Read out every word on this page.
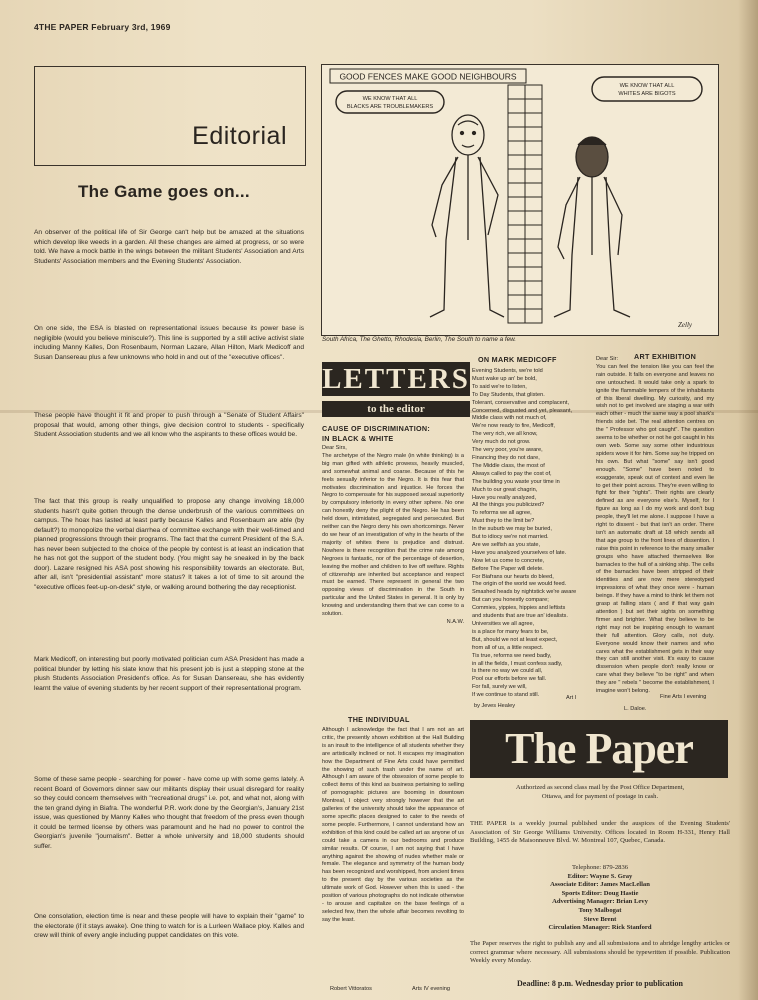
4THE PAPER February 3rd, 1969
Editorial
The Game goes on...
An observer of the political life of Sir George can't help but be amazed at the situations which develop like weeds in a garden. All these changes are aimed at progress, or so were told. We have a mock battle in the wings between the militant Students' Association and Arts Students' Association members and the Evening Students' Association.
On one side, the ESA is blasted on representational issues because its power base is negligible (would you believe miniscule?). This line is supported by a still active activist slate including Manny Kalles, Don Rosenbaum, Norman Lazare, Allan Hilton, Mark Medicoff and Susan Dansereau plus a few unknowns who hold in and out of the "executive offices".
These people have thought it fit and proper to push through a "Senate of Student Affairs" proposal that would, among other things, give decision control to students - specifically Student Association students and we all know who the aspirants to these offices would be.
The fact that this group is really unqualified to propose any change involving 18,000 students hasn't quite gotten through the dense underbrush of the various committees on campus. The hoax has lasted at least partly because Kalles and Rosenbaum are able (by default?) to monopolize the verbal diarrhea of committee exchange with their well-timed and planned progressions through their programs. The fact that the current President of the S.A. has never been subjected to the choice of the people by contest is at least an indication that he has not got the support of the student body. (You might say he sneaked in by the back door). Lazare resigned his ASA post showing his responsibility towards an electorate. But, after all, isn't "presidential assistant" more status? It takes a lot of time to sit around the "executive offices feet-up-on-desk" style, or walking around bothering the day receptionist.
Mark Medicoff, on interesting but poorly motivated politician cum ASA President has made a political blunder by letting his slate know that his present job is just a stepping stone at the plush Students Association President's office. As for Susan Dansereau, she has evidently learnt the value of evening students by her recent support of their representational program.
Some of these same people - searching for power - have come up with some gems lately. A recent Board of Governors dinner saw our militants display their usual disregard for reality so they could concern themselves with "recreational drugs" i.e. pot, and what not, along with the ten grand dying in Biafra. The wonderful P.R. work done by the Georgian's, January 21st issue, was questioned by Manny Kalles who thought that freedom of the press even though it could be termed license by others was paramount and he had no power to control the Georgian's juvenile "journalism". Better a whole university and 18,000 students should suffer.
One consolation, election time is near and these people will have to explain their "game" to the electorate (if it stays awake). One thing to watch for is a Lurleen Wallace ploy. Kalles and crew will think of every angle including puppet candidates on this vote.
GOOD FENCES MAKE GOOD NEIGHBOURS
WE KNOW THAT ALL
BLACKS ARE TROUBLEMAKERS
WE KNOW THAT ALL
WHITES ARE BIGOTS
Zelly
South Africa, The Ghetto, Rhodesia, Berlin, The South to name a few.
LETTERS
to the editor
CAUSE OF DISCRIMINATION:
IN BLACK & WHITE

Dear Sirs,

The archetype of the Negro male (in white thinking) is a big man gifted with athletic prowess, heavily muscled, and somewhat animal and coarse. Because of this he feels sexually inferior to the Negro. It is this fear that motivates discrimination and injustice. He forces the Negro to compensate for his supposed sexual superiority by compulsory inferiority in every other sphere. No one can honestly deny the plight of the Negro. He has been held down, intimidated, segregated and persecuted. But neither can the Negro deny his own shortcomings. Never do we hear of an investigation of why in the hearts of the majority of whites there is prejudice and distrust. Nowhere is there recognition that the crime rate among Negroes is fantastic, nor of the percentage of desertion, leaving the mother and children to live off welfare. Rights of citizenship are inherited but acceptance and respect must be earned. There represent in general the two opposing views of discrimination in the South in particular and the United States in general. It is only by knowing and understanding them that we can come to a solution.

N.A.W.

THE INDIVIDUAL

Although I acknowledge the fact that I am not an art critic, the presently shown exhibition at the Hall Building is an insult to the intelligence of all students whether they are artistically inclined or not. It escapes my imagination how the Department of Fine Arts could have permitted the showing of such trash under the name of art. Although I am aware of the obsession of some people to collect items of this kind as business pertaining to selling of pornographic pictures are booming in downtown Montreal, I object very strongly however that the art galleries of the university should take the appearance of some specific places designed to cater to the needs of some people. Furthermore, I cannot understand how an exhibition of this kind could be called art as anyone of us could take a camera in our bedrooms and produce similar results. Of course, I am not saying that I have anything against the showing of nudes whether male or female. The elegance and symmetry of the human body has been recognized and worshipped, from ancient times to the present day by the various societies as the ultimate work of God. However when this is used - the position of various photographs do not indicate otherwise - to arouse and capitalize on the base feelings of a selected few, then the whole affair becomes revolting to say the least.

Robert Vittoratos	Arts IV evening
ON MARK MEDICOFF
Evening Students, we're told
Must wake up an' be bold,
To said we're to listen,
To Day Students, that glisten.
Tolerant, conservative and complacent,
Concerned, disgusted and yet, pleasant,
Middle class with not much of,
We're now ready to fire, Medicoff,
The very rich, we all know,
Very much do not grow.
The very poor, you're aware,
Financing they do not dare,
The Middle class, the most of
Always called to pay the cost of,
The building you waste your time in
Much to our great chagrin,
Have you really analyzed,
All the things you publicized?
To reforms we all agree,
Must they to the limit be?
In the suburb we may be buried,
But to idiocy we're not married.
Are we selfish as you state,
Have you analyzed yourselves of late.
Now let us come to concrete,
Before The Paper will delete.
For Biafrans our hearts do bleed,
The origin of the world we would feed.
Smashed heads by nightstick we're aware
But can you honestly compare;
Commies, yippies, hippies and leftists
and students that are true an' idealists.
Universities we all agree,
is a place for many fears to be,
But, should we not at least expect,
from all of us, a little respect.
Tis true, reforms we need badly,
in all the fields, I must confess sadly,
Is there no way we could all,
Pool our efforts before we fall.
For fall, surely we will,
If we continue to stand still.
by Jeves Healey
Art I
ART EXHIBITION

Dear Sir:

You can feel the tension like you can feel the rain outside. It falls on everyone and leaves no one untouched. It would take only a spark to ignite the flammable tempers of the inhabitants of this liberal dwelling. My curiosity, and my wish not to get involved are staging a war with each other - much the same way a pool shark's friends side bet. The real attention centres on the " Professor who got caught". The question seems to be whether or not he got caught in his own web. Some say some other industrious spiders wove it for him. Some say he tripped on his own. But what "some" say isn't good enough. "Some" have been noted to exaggerate, speak out of context and even lie to get their point across. They're even willing to fight for their "rights". Their rights are clearly defined as are everyone else's. Myself, for I figure as long as I do my work and don't bug people, they'll let me alone. I suppose I have a right to dissent - but that isn't an order. There isn't an automatic draft at 18 which sends all that age group to the front lines of dissention. I raise this point in reference to the many smaller groups who have attached themselves like barnacles to the hull of a sinking ship. The cells of the barnacles have been stripped of their identities and are now mere stereotyped impressions of what they once were - human beings. If they have a mind to think let them not grasp at falling stars ( and if that way gain attention ) but set their sights on something firmer and brighter. What they believe to be right may not be inspiring enough to warrant their full attention. Glory calls, not duty. Everyone would know their names and who cares what the establishment gets in their way they can still another visit. It's easy to cause dissension when people don't really know or care what they believe "to be right" and when they are " rebels " become the establishment, I imagine won't belong.

Fine Arts I evening
L. Daloe.
The Paper
Authorized as second class mail by the Post Office Department,
Ottawa, and for payment of postage in cash.
THE PAPER is a weekly journal published under the auspices of the Evening Students' Association of Sir George Williams University. Offices located in Room H-331, Henry Hall Building, 1455 de Maisonneuve Blvd. W. Montreal 107, Quebec, Canada.
Telephone: 879-2836
Editor: Wayne S. Gray
Associate Editor: James MacLellan
Sports Editor: Doug Hastie
Advertising Manager: Brian Levy
Tony Malbogat
Steve Brent
Circulation Manager: Rick Stanford
The Paper reserves the right to publish any and all submissions and to abridge lengthy articles or correct grammar where necessary. All submissions should be typewritten if possible. Publication Weekly every Monday.
Deadline: 8 p.m. Wednesday prior to publication
